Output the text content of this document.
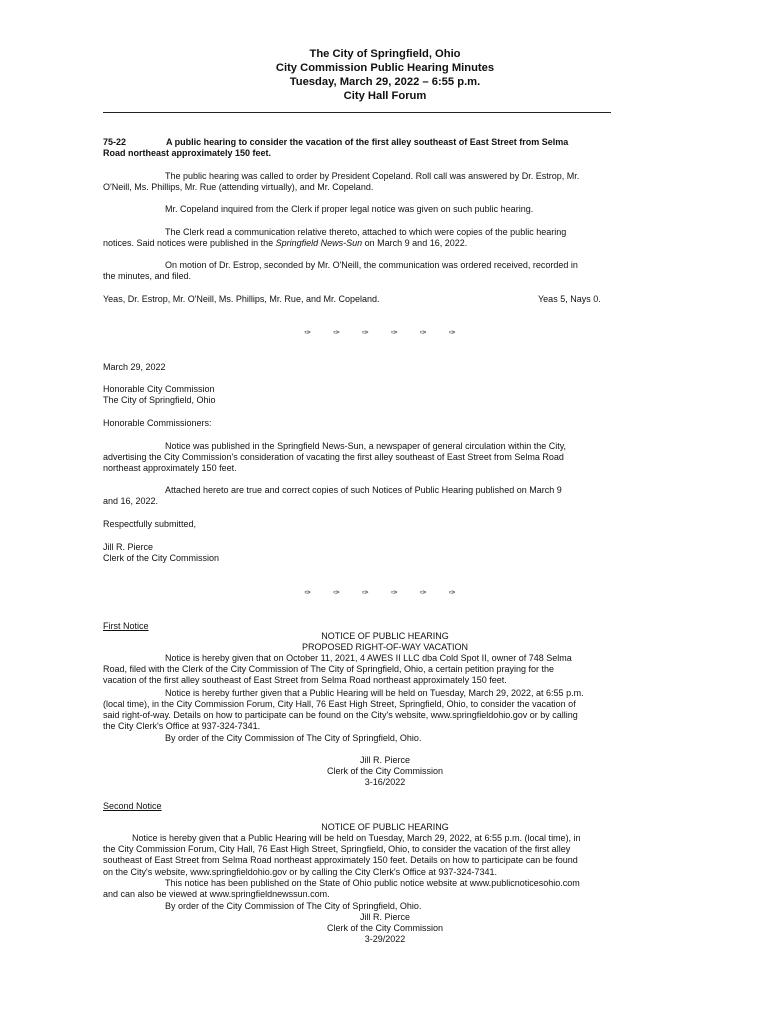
The City of Springfield, Ohio
City Commission Public Hearing Minutes
Tuesday, March 29, 2022 – 6:55 p.m.
City Hall Forum
75-22	A public hearing to consider the vacation of the first alley southeast of East Street from Selma
Road northeast approximately 150 feet.
The public hearing was called to order by President Copeland. Roll call was answered by Dr. Estrop, Mr.
O'Neill, Ms. Phillips, Mr. Rue (attending virtually), and Mr. Copeland.
Mr. Copeland inquired from the Clerk if proper legal notice was given on such public hearing.
The Clerk read a communication relative thereto, attached to which were copies of the public hearing
notices. Said notices were published in the Springfield News-Sun on March 9 and 16, 2022.
On motion of Dr. Estrop, seconded by Mr. O'Neill, the communication was ordered received, recorded in
the minutes, and filed.
Yeas, Dr. Estrop, Mr. O'Neill, Ms. Phillips, Mr. Rue, and Mr. Copeland.	Yeas 5, Nays 0.
✑ ✑ ✑ ✑ ✑ ✑
March 29, 2022
Honorable City Commission
The City of Springfield, Ohio
Honorable Commissioners:
Notice was published in the Springfield News-Sun, a newspaper of general circulation within the City,
advertising the City Commission's consideration of vacating the first alley southeast of East Street from Selma Road
northeast approximately 150 feet.
Attached hereto are true and correct copies of such Notices of Public Hearing published on March 9
and 16, 2022.
Respectfully submitted,
Jill R. Pierce
Clerk of the City Commission
✑ ✑ ✑ ✑ ✑ ✑
First Notice
NOTICE OF PUBLIC HEARING
PROPOSED RIGHT-OF-WAY VACATION
Notice is hereby given that on October 11, 2021, 4 AWES II LLC dba Cold Spot II, owner of 748 Selma
Road, filed with the Clerk of the City Commission of The City of Springfield, Ohio, a certain petition praying for the
vacation of the first alley southeast of East Street from Selma Road northeast approximately 150 feet.
Notice is hereby further given that a Public Hearing will be held on Tuesday, March 29, 2022, at 6:55 p.m.
(local time), in the City Commission Forum, City Hall, 76 East High Street, Springfield, Ohio, to consider the vacation of
said right-of-way. Details on how to participate can be found on the City's website, www.springfieldohio.gov or by calling
the City Clerk's Office at 937-324-7341.
By order of the City Commission of The City of Springfield, Ohio.
Jill R. Pierce
Clerk of the City Commission
3-16/2022
Second Notice
NOTICE OF PUBLIC HEARING
Notice is hereby given that a Public Hearing will be held on Tuesday, March 29, 2022, at 6:55 p.m. (local time), in
the City Commission Forum, City Hall, 76 East High Street, Springfield, Ohio, to consider the vacation of the first alley
southeast of East Street from Selma Road northeast approximately 150 feet. Details on how to participate can be found
on the City's website, www.springfieldohio.gov or by calling the City Clerk's Office at 937-324-7341.
This notice has been published on the State of Ohio public notice website at www.publicnoticesohio.com
and can also be viewed at www.springfieldnewssun.com.
By order of the City Commission of The City of Springfield, Ohio.
Jill R. Pierce
Clerk of the City Commission
3-29/2022
